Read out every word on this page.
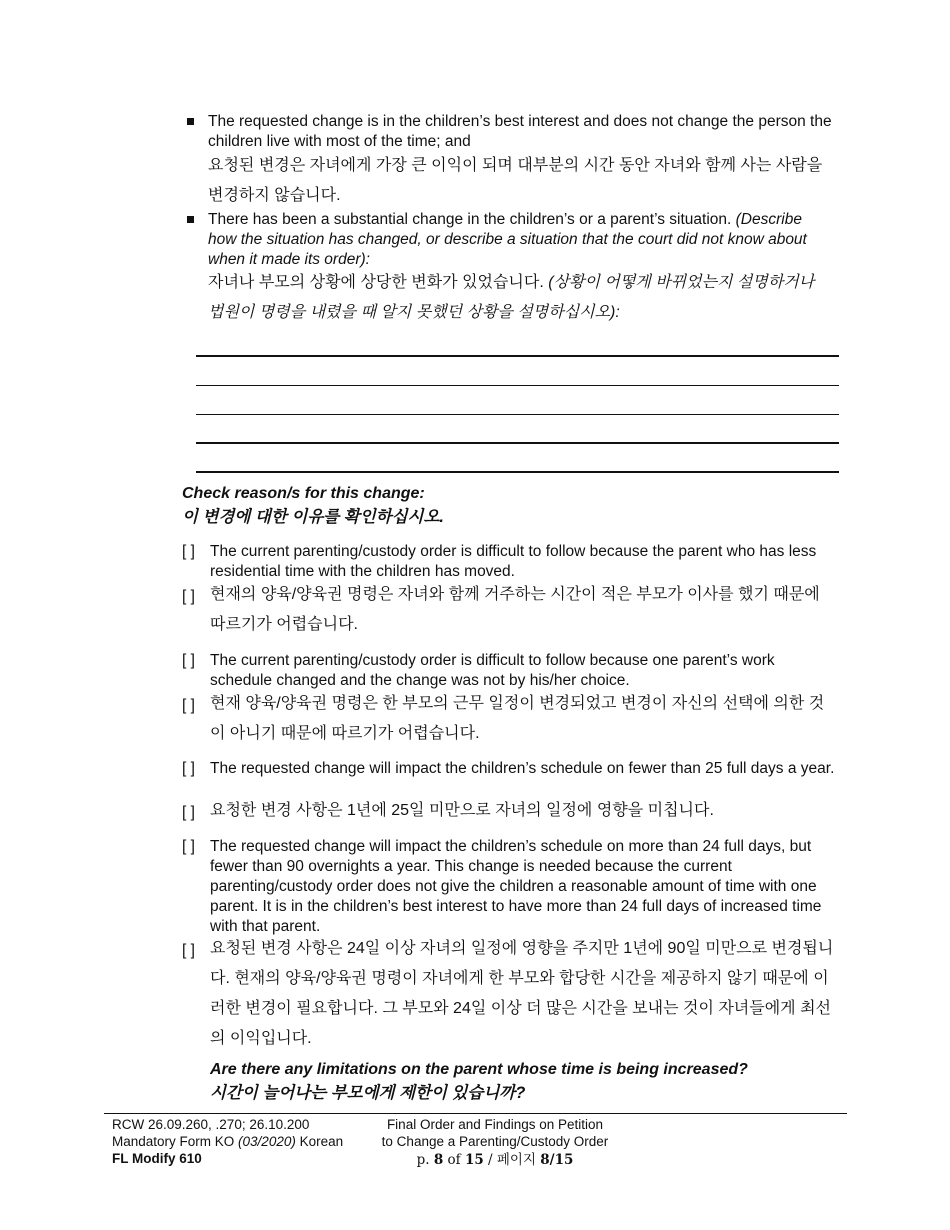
The requested change is in the children’s best interest and does not change the person the children live with most of the time; and
요청된 변경은 자녀에게 가장 큰 이익이 되며 대부분의 시간 동안 자녀와 함께 사는 사람을 변경하지 않습니다.
There has been a substantial change in the children’s or a parent’s situation. (Describe how the situation has changed, or describe a situation that the court did not know about when it made its order):
자녀나 부모의 상황에 상당한 변화가 있었습니다. (상황이 어떻게 바뀌었는지 설명하거나 법원이 명령을 내렸을 때 알지 못했던 상황을 설명하십시오):
Check reason/s for this change:
이 변경에 대한 이유를 확인하십시오.
[ ] The current parenting/custody order is difficult to follow because the parent who has less residential time with the children has moved.
[ ] 현재의 양육/양육권 명령은 자녀와 함께 거주하는 시간이 적은 부모가 이사를 했기 때문에 따르기가 어렵습니다.
[ ] The current parenting/custody order is difficult to follow because one parent’s work schedule changed and the change was not by his/her choice.
[ ] 현재 양육/양육권 명령은 한 부모의 근무 일정이 변경되었고 변경이 자신의 선택에 의한 것이 아니기 때문에 따르기가 어렵습니다.
[ ] The requested change will impact the children’s schedule on fewer than 25 full days a year.
[ ] 요청한 변경 사항은 1년에 25일 미만으로 자녀의 일정에 영향을 미칩니다.
[ ] The requested change will impact the children’s schedule on more than 24 full days, but fewer than 90 overnights a year. This change is needed because the current parenting/custody order does not give the children a reasonable amount of time with one parent. It is in the children’s best interest to have more than 24 full days of increased time with that parent.
[ ] 요청된 변경 사항은 24일 이상 자녀의 일정에 영향을 주지만 1년에 90일 미만으로 변경됩니다. 현재의 양육/양육권 명령이 자녀에게 한 부모와 합당한 시간을 제공하지 않기 때문에 이러한 변경이 필요합니다. 그 부모와 24일 이상 더 많은 시간을 보내는 것이 자녀들에게 최선의 이익입니다.
Are there any limitations on the parent whose time is being increased?
시간이 늘어나는 부모에게 제한이 있습니까?
RCW 26.09.260, .270; 26.10.200
Mandatory Form KO (03/2020) Korean
FL Modify 610
Final Order and Findings on Petition
to Change a Parenting/Custody Order
p. 8 of 15 / 페이지 8/15
